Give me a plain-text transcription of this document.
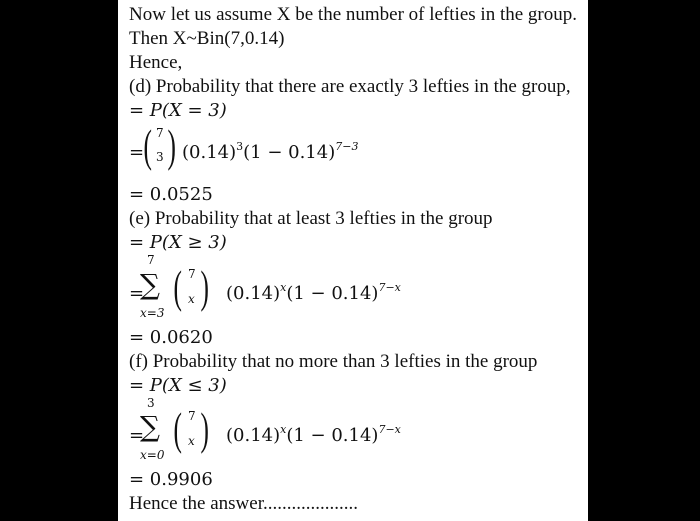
Now let us assume X be the number of lefties in the group.
Then X~Bin(7,0.14)
Hence,
(d) Probability that there are exactly 3 lefties in the group,
= P(X = 3)
= ( 7
3 ) $(0.14)^3(1 - 0.14)^{7-3}$
= 0.0525
(e) Probability that at least 3 lefties in the group
= P(X ≥ 3)
=
7
∑
x=3
( 7
x ) $(0.14)^x(1 - 0.14)^{7-x}$
= 0.0620
(f) Probability that no more than 3 lefties in the group
= P(X ≤ 3)
=
3
∑
x=0
( 7
x ) $(0.14)^x(1 - 0.14)^{7-x}$
= 0.9906
Hence the answer....................
